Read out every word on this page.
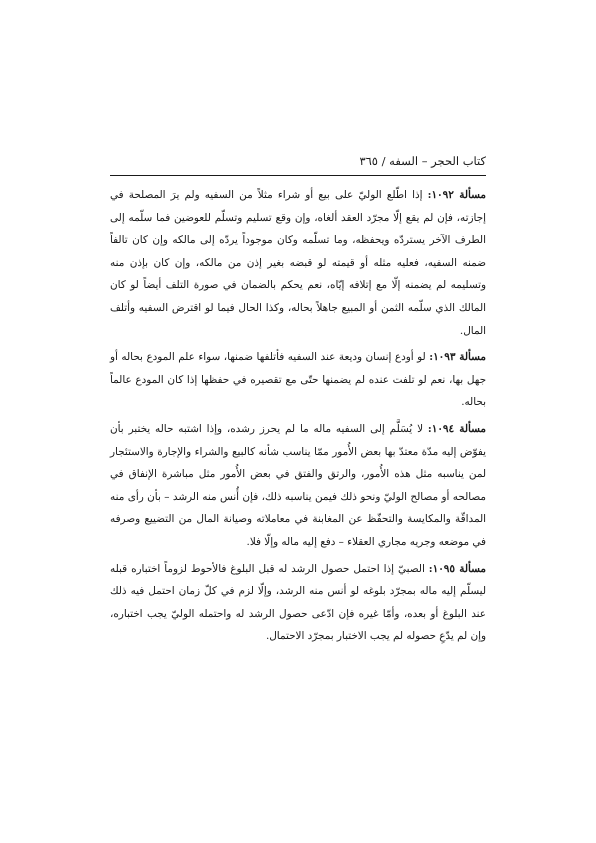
كتاب الحجر – السفه / ٣٦٥

مسألة ١٠٩٢: إذا اطّلع الوليّ على بيع أو شراء مثلاً من السفيه ولم يرَ المصلحة في إجازته، فإن لم يقع إلّا مجرّد العقد ألغاه، وإن وقع تسليم وتسلّم للعوضين فما سلّمه إلى الطرف الآخر يستردّه ويحفظه، وما تسلّمه وكان موجوداً يردّه إلى مالكه وإن كان تالفاً ضمنه السفيه، فعليه مثله أو قيمته لو قبضه بغير إذن من مالكه، وإن كان بإذن منه وتسليمه لم يضمنه إلّا مع إتلافه إيّاه، نعم يحكم بالضمان في صورة التلف أيضاً لو كان المالك الذي سلّمه الثمن أو المبيع جاهلاً بحاله، وكذا الحال فيما لو اقترض السفيه وأتلف المال.

مسألة ١٠٩٣: لو أودع إنسان وديعة عند السفيه فأتلفها ضمنها، سواء علم المودع بحاله أو جهل بها، نعم لو تلفت عنده لم يضمنها حتّى مع تقصيره في حفظها إذا كان المودع عالماً بحاله.

مسألة ١٠٩٤: لا يُسَلَّم إلى السفيه ماله ما لم يحرز رشده، وإذا اشتبه حاله يختبر بأن يفوّض إليه مدّة معتدّ بها بعض الأُمور ممّا يناسب شأنه كالبيع والشراء والإجارة والاستئجار لمن يناسبه مثل هذه الأُمور، والرتق والفتق في بعض الأُمور مثل مباشرة الإنفاق في مصالحه أو مصالح الوليّ ونحو ذلك فيمن يناسبه ذلك، فإن أُنس منه الرشد – بأن رأى منه المداقّة والمكايسة والتحفّظ عن المغابنة في معاملاته وصيانة المال من التضييع وصرفه في موضعه وجريه مجاري العقلاء – دفع إليه ماله وإلّا فلا.

مسألة ١٠٩٥: الصبيّ إذا احتمل حصول الرشد له قبل البلوغ فالأحوط لزوماً اختباره قبله ليسلّم إليه ماله بمجرّد بلوغه لو أنس منه الرشد، وإلّا لزم في كلّ زمان احتمل فيه ذلك عند البلوغ أو بعده، وأمّا غيره فإن ادّعى حصول الرشد له واحتمله الوليّ يجب اختباره، وإن لم يدّعِ حصوله لم يجب الاختبار بمجرّد الاحتمال.
